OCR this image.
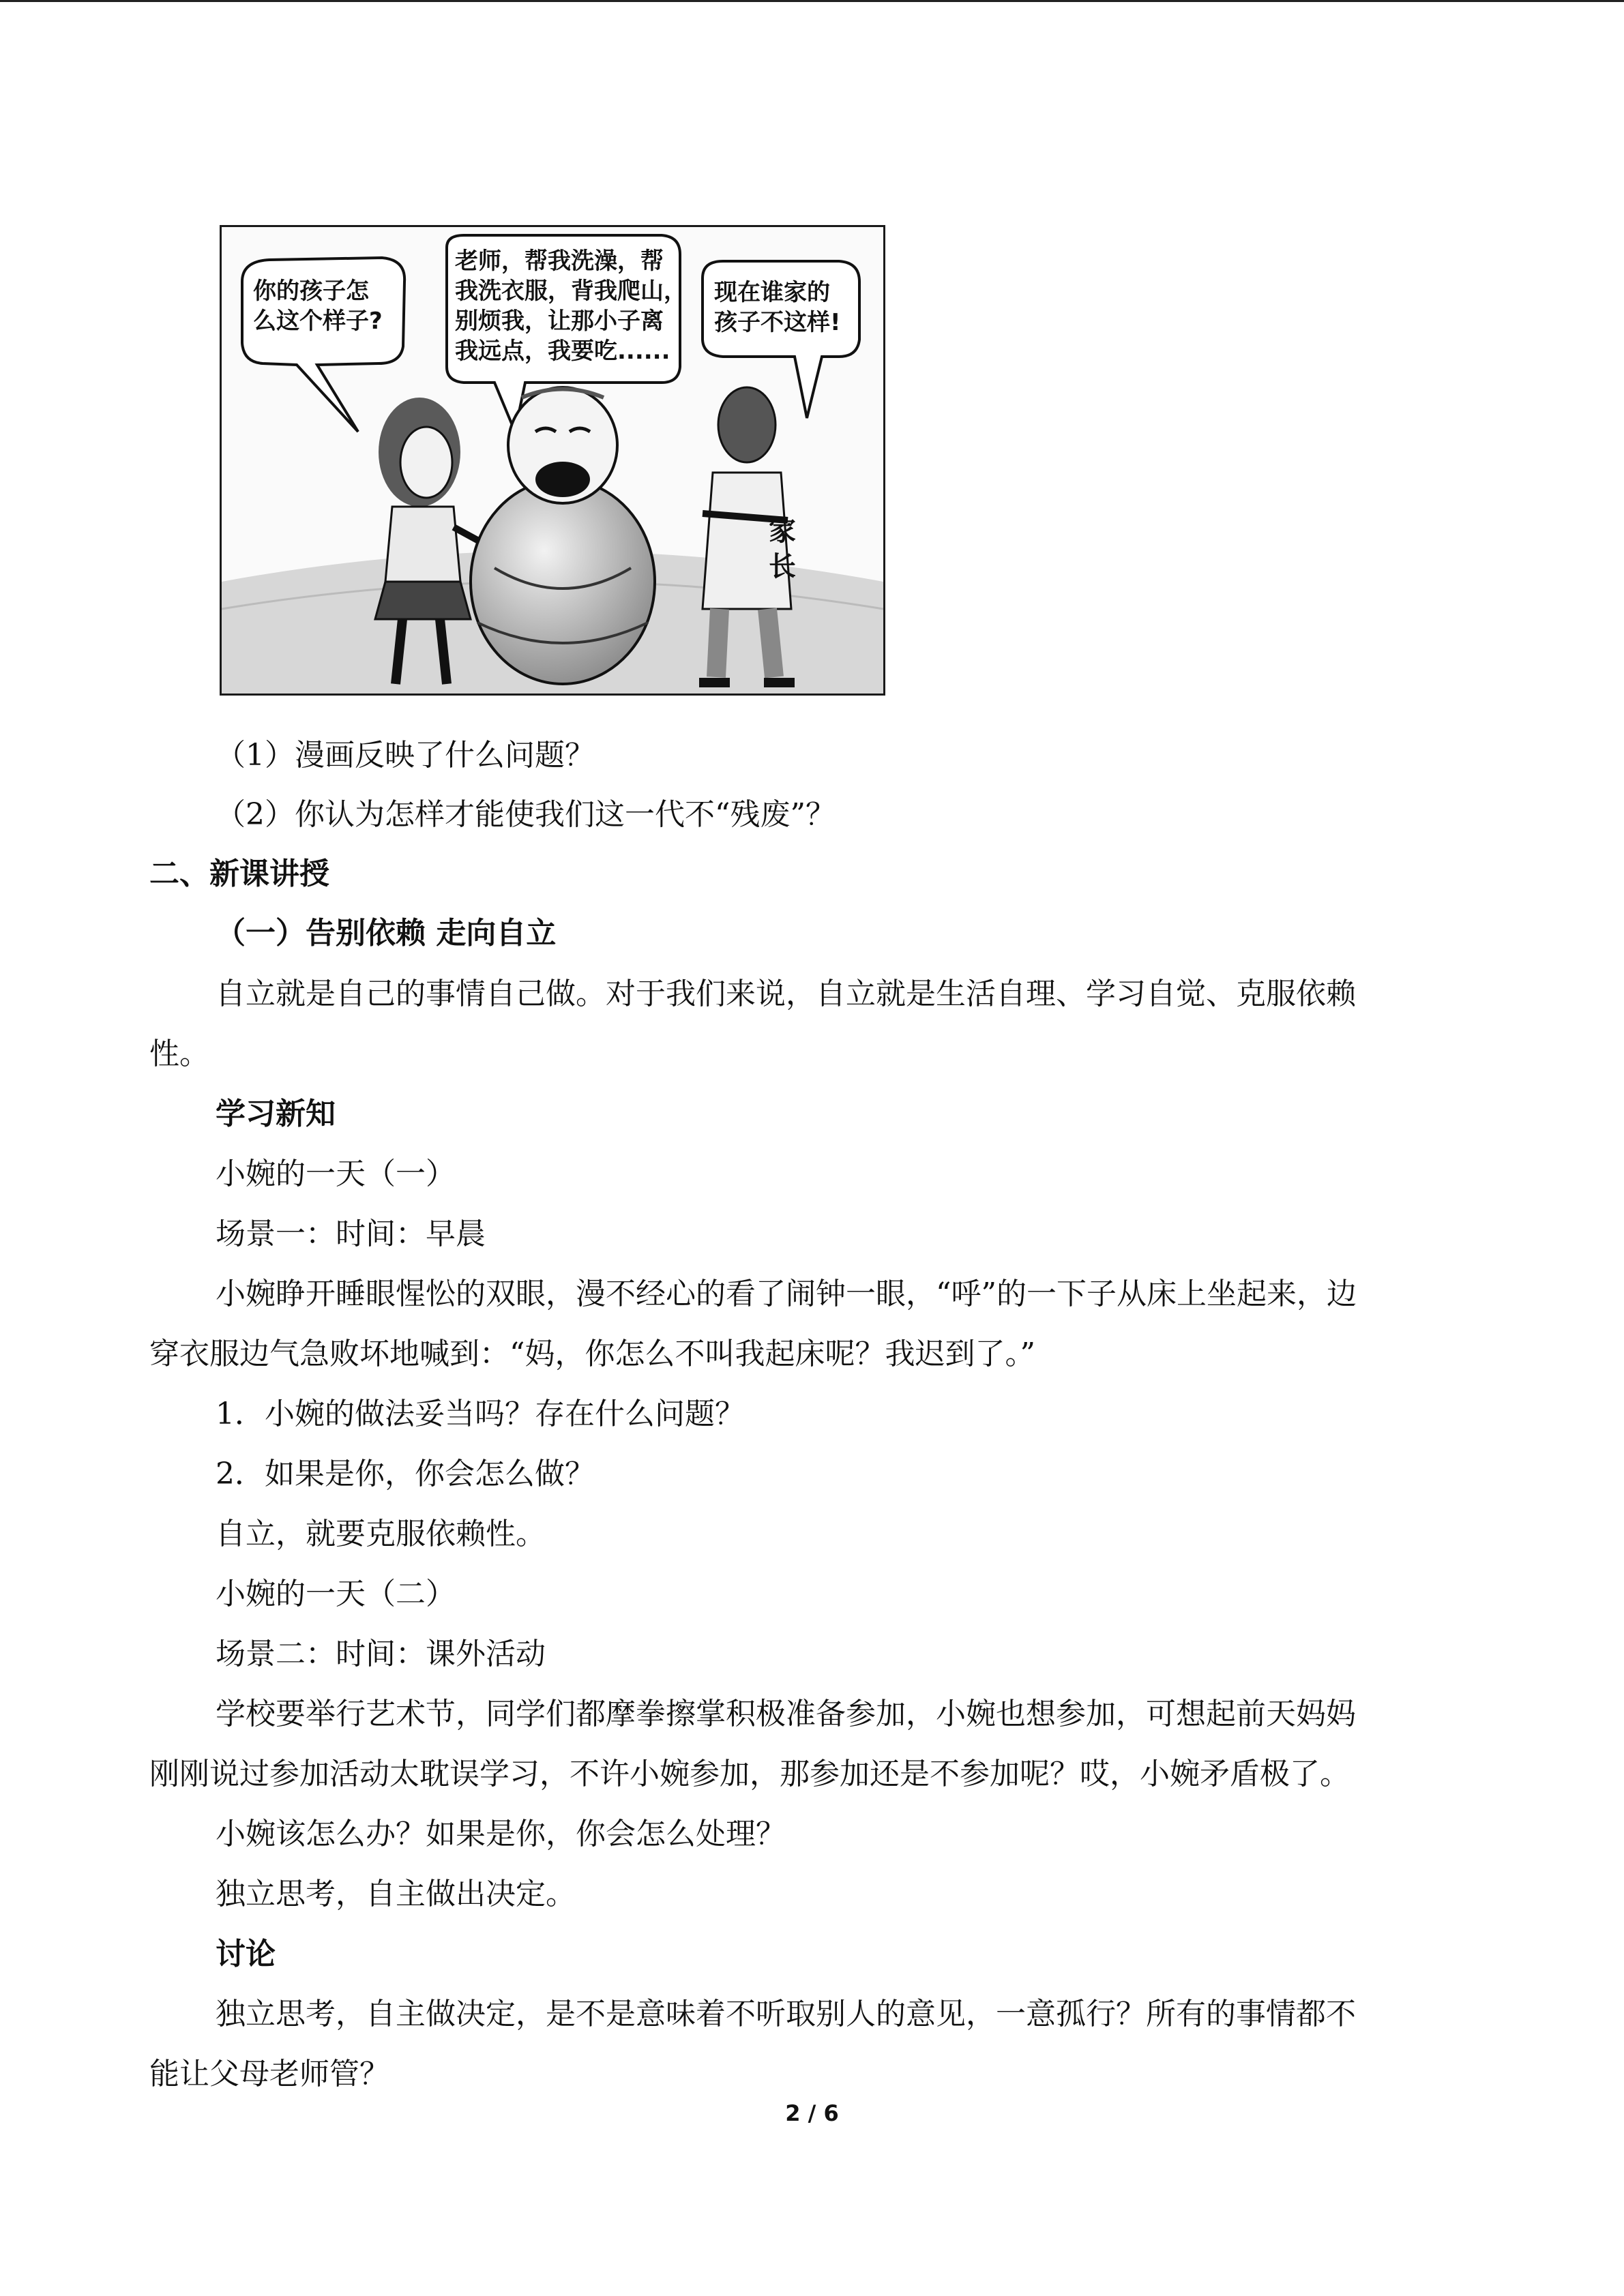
你的孩子怎
么这个样子?
老师，帮我洗澡，帮
我洗衣服，背我爬山，
别烦我，让那小子离
我远点，我要吃......
现在谁家的
孩子不这样!
家
长
（1）漫画反映了什么问题？
（2）你认为怎样才能使我们这一代不“残废”？
二、新课讲授
（一）告别依赖 走向自立
自立就是自己的事情自己做。对于我们来说，自立就是生活自理、学习自觉、克服依赖
性。
学习新知
小婉的一天（一）
场景一：时间：早晨
小婉睁开睡眼惺忪的双眼，漫不经心的看了闹钟一眼，“呼”的一下子从床上坐起来，边
穿衣服边气急败坏地喊到：“妈，你怎么不叫我起床呢？我迟到了。”
1．小婉的做法妥当吗？存在什么问题？
2．如果是你，你会怎么做？
自立，就要克服依赖性。
小婉的一天（二）
场景二：时间：课外活动
学校要举行艺术节，同学们都摩拳擦掌积极准备参加，小婉也想参加，可想起前天妈妈
刚刚说过参加活动太耽误学习，不许小婉参加，那参加还是不参加呢？哎，小婉矛盾极了。
小婉该怎么办？如果是你，你会怎么处理？
独立思考，自主做出决定。
讨论
独立思考，自主做决定，是不是意味着不听取别人的意见，一意孤行？所有的事情都不
能让父母老师管？
2 / 6
